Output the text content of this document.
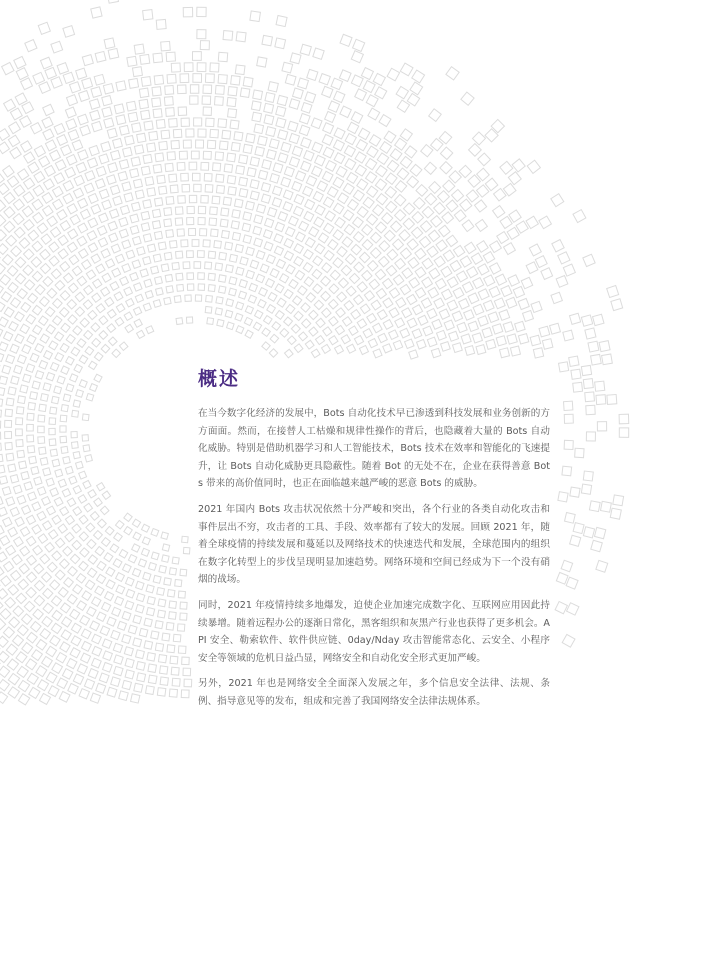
概述

在当今数字化经济的发展中，Bots 自动化技术早已渗透到科技发展和业务创新的方方面面。然而，在接替人工枯燥和规律性操作的背后，也隐藏着大量的 Bots 自动化威胁。特别是借助机器学习和人工智能技术，Bots 技术在效率和智能化的飞速提升，让 Bots 自动化威胁更具隐蔽性。随着 Bot 的无处不在，企业在获得善意 Bots 带来的高价值同时，也正在面临越来越严峻的恶意 Bots 的威胁。

2021 年国内 Bots 攻击状况依然十分严峻和突出，各个行业的各类自动化攻击和事件层出不穷，攻击者的工具、手段、效率都有了较大的发展。回顾 2021 年，随着全球疫情的持续发展和蔓延以及网络技术的快速迭代和发展，全球范围内的组织在数字化转型上的步伐呈现明显加速趋势。网络环境和空间已经成为下一个没有硝烟的战场。

同时，2021 年疫情持续多地爆发，迫使企业加速完成数字化、互联网应用因此持续暴增。随着远程办公的逐渐日常化，黑客组织和灰黑产行业也获得了更多机会。API 安全、勒索软件、软件供应链、0day/Nday 攻击智能常态化、云安全、小程序安全等领域的危机日益凸显，网络安全和自动化安全形式更加严峻。

另外，2021 年也是网络安全全面深入发展之年，多个信息安全法律、法规、条例、指导意见等的发布，组成和完善了我国网络安全法律法规体系。
